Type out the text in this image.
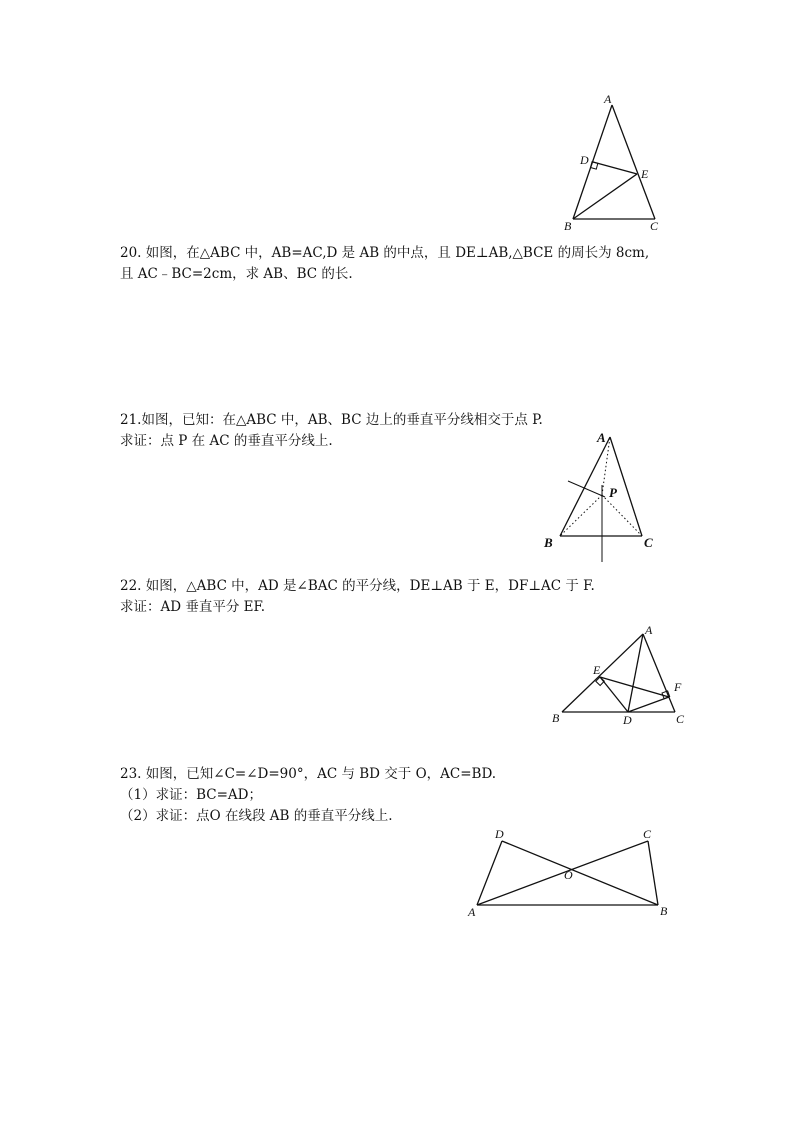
A
D
E
B	C
20. 如图，在△ABC 中，AB=AC,D 是 AB 的中点，且 DE⊥AB,△BCE 的周长为 8cm,
且 AC﹣BC=2cm，求 AB、BC 的长.
21.如图，已知：在△ABC 中，AB、BC 边上的垂直平分线相交于点 P.
求证：点 P 在 AC 的垂直平分线上.	A
P
B	C
22. 如图，△ABC 中，AD 是∠BAC 的平分线，DE⊥AB 于 E，DF⊥AC 于 F.
求证：AD 垂直平分 EF.
A
E
F
B	D	C
23. 如图，已知∠C=∠D=90°，AC 与 BD 交于 O，AC=BD.
（1）求证：BC=AD；
（2）求证：点O 在线段 AB 的垂直平分线上.
D	C
O
A	B
